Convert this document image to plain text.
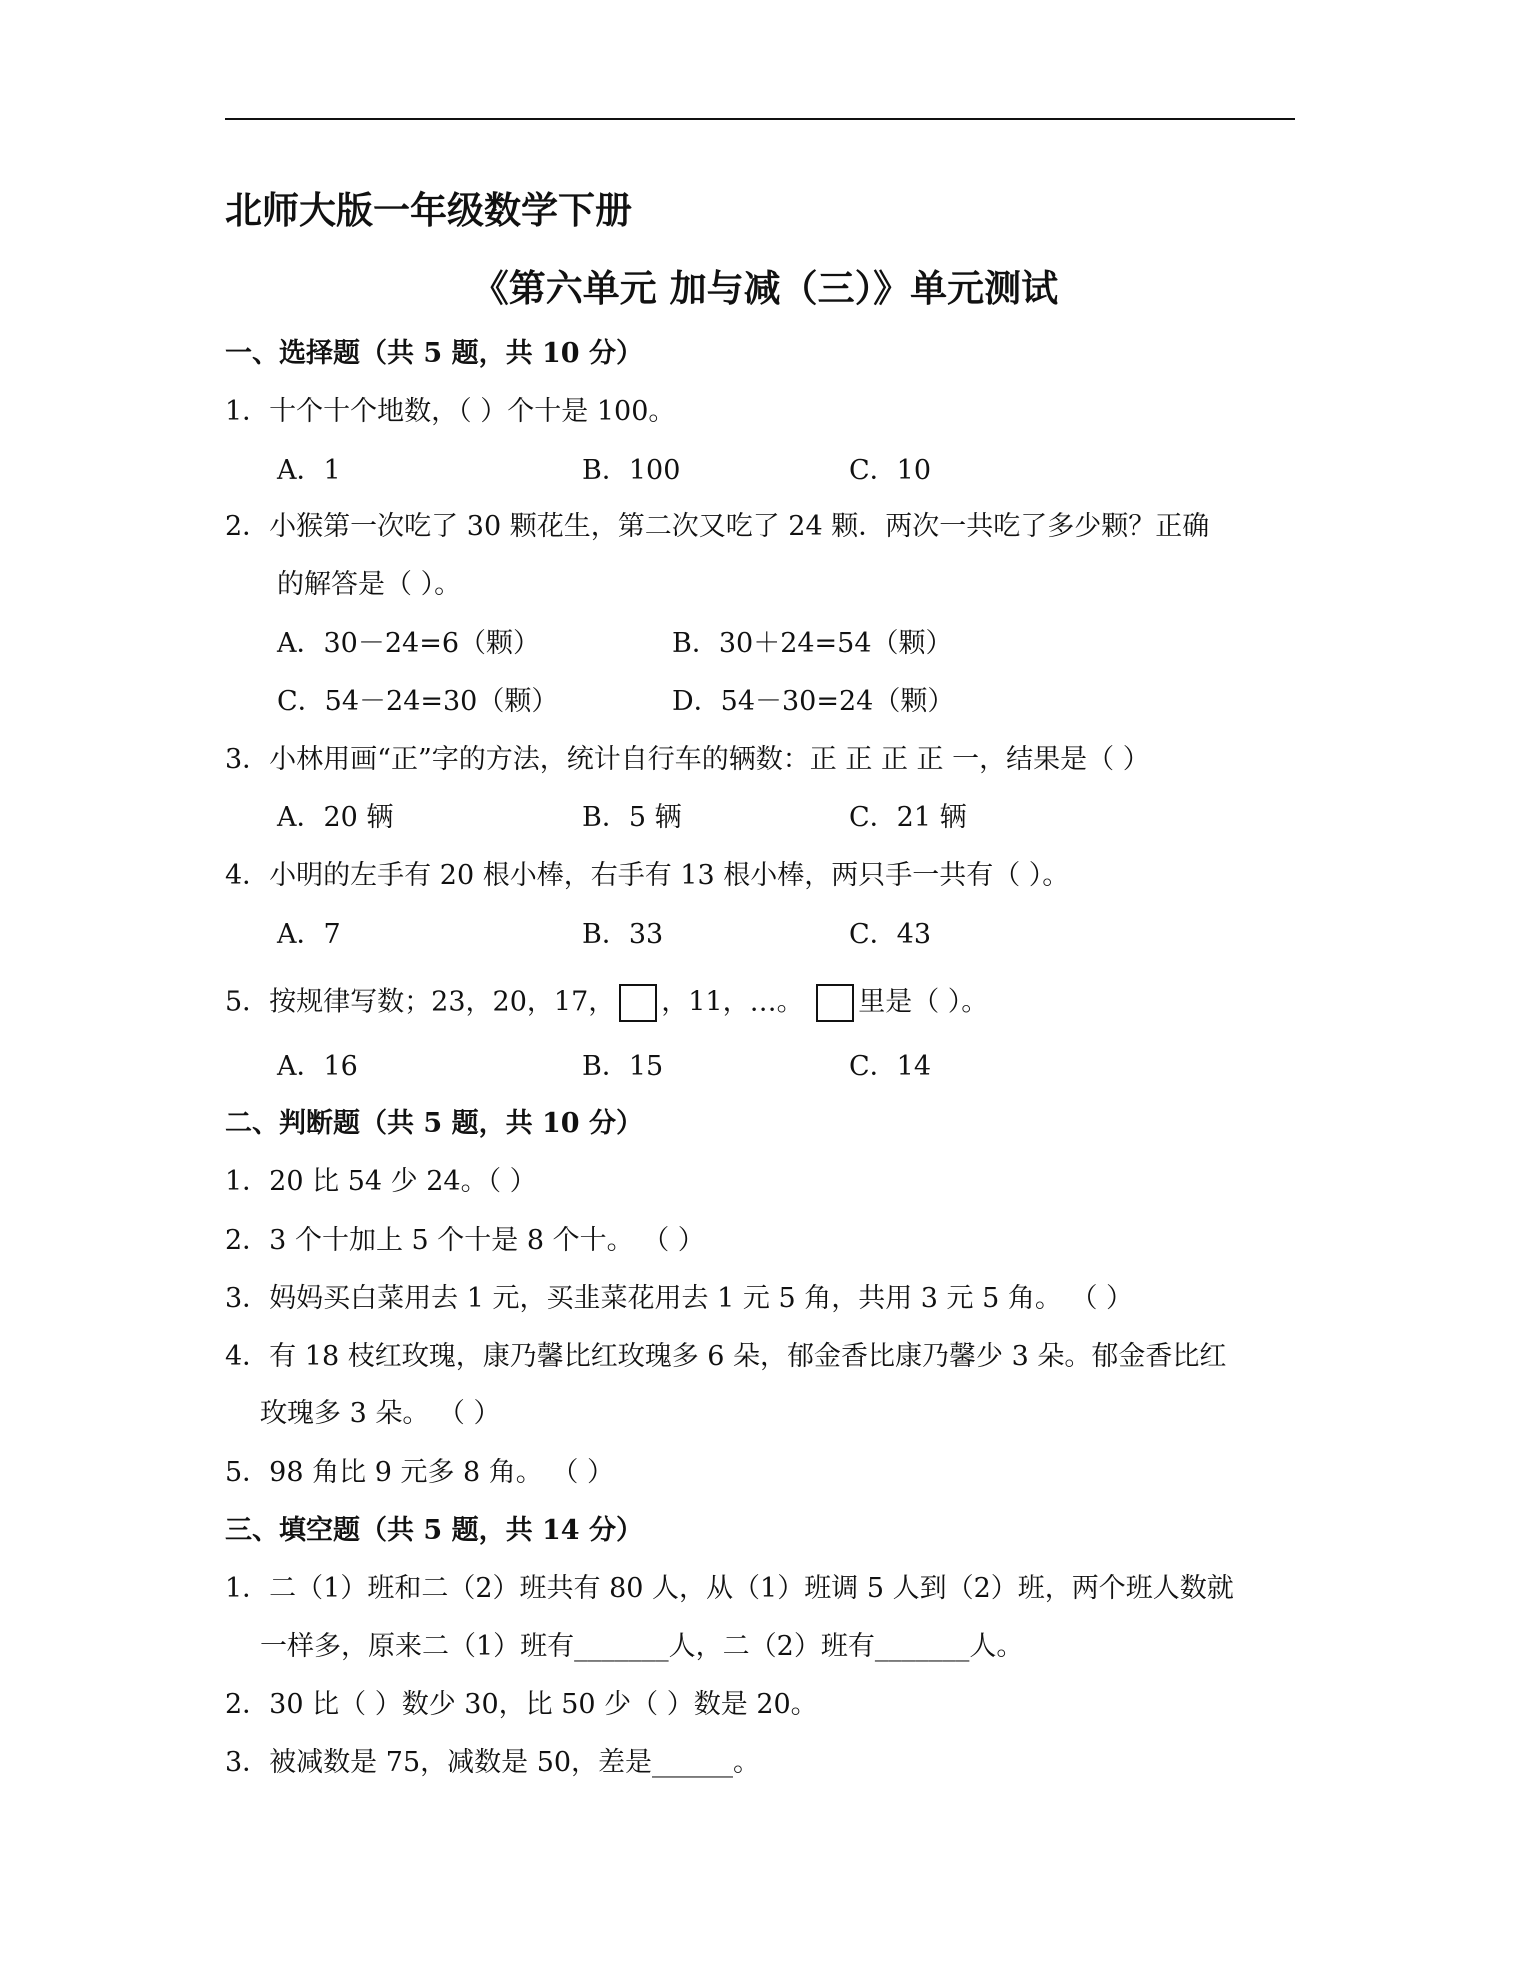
北师大版一年级数学下册
《第六单元 加与减（三）》单元测试
一、选择题（共 5 题，共 10 分）
1．十个十个地数，（ ）个十是 100。
A．1	B．100	C．10
2．小猴第一次吃了 30 颗花生，第二次又吃了 24 颗．两次一共吃了多少颗？正确
的解答是（ ）。
A．30－24=6（颗）	B．30＋24=54（颗）
C．54－24=30（颗）	D．54－30=24（颗）
3．小林用画“正”字的方法，统计自行车的辆数：正 正 正 正 一，结果是（ ）
A．20 辆	B．5 辆	C．21 辆
4．小明的左手有 20 根小棒，右手有 13 根小棒，两只手一共有（ ）。
A．7	B．33	C．43
5．按规律写数；23，20，17， ，11，…。 里是（ ）。
A．16	B．15	C．14
二、判断题（共 5 题，共 10 分）
1．20 比 54 少 24。（ ）
2．3 个十加上 5 个十是 8 个十。 （ ）
3．妈妈买白菜用去 1 元，买韭菜花用去 1 元 5 角，共用 3 元 5 角。 （ ）
4．有 18 枝红玫瑰，康乃馨比红玫瑰多 6 朵，郁金香比康乃馨少 3 朵。郁金香比红
玫瑰多 3 朵。 （ ）
5．98 角比 9 元多 8 角。 （ ）
三、填空题（共 5 题，共 14 分）
1．二（1）班和二（2）班共有 80 人，从（1）班调 5 人到（2）班，两个班人数就
一样多，原来二（1）班有_______人，二（2）班有_______人。
2．30 比（ ）数少 30，比 50 少（ ）数是 20。
3．被减数是 75，减数是 50，差是______。
